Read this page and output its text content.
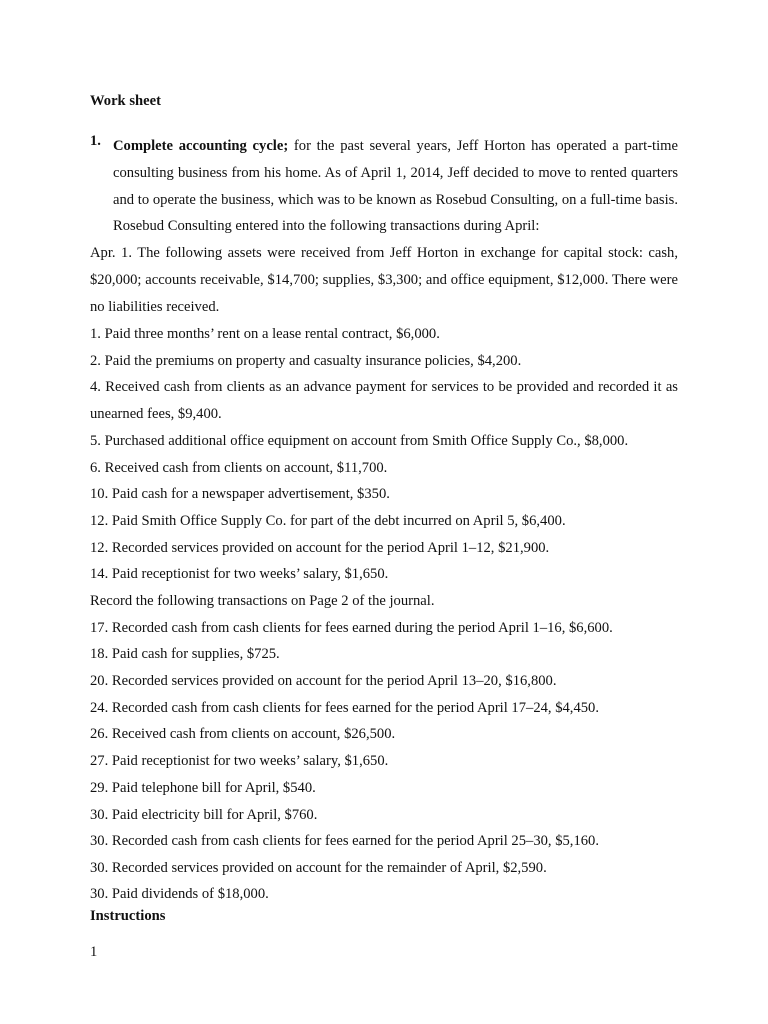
Work sheet
1. Complete accounting cycle; for the past several years, Jeff Horton has operated a part-time consulting business from his home. As of April 1, 2014, Jeff decided to move to rented quarters and to operate the business, which was to be known as Rosebud Consulting, on a full-time basis. Rosebud Consulting entered into the following transactions during April:
Apr. 1. The following assets were received from Jeff Horton in exchange for capital stock: cash, $20,000; accounts receivable, $14,700; supplies, $3,300; and office equipment, $12,000. There were no liabilities received.
1. Paid three months’ rent on a lease rental contract, $6,000.
2. Paid the premiums on property and casualty insurance policies, $4,200.
4. Received cash from clients as an advance payment for services to be provided and recorded it as unearned fees, $9,400.
5. Purchased additional office equipment on account from Smith Office Supply Co., $8,000.
6. Received cash from clients on account, $11,700.
10. Paid cash for a newspaper advertisement, $350.
12. Paid Smith Office Supply Co. for part of the debt incurred on April 5, $6,400.
12. Recorded services provided on account for the period April 1–12, $21,900.
14. Paid receptionist for two weeks’ salary, $1,650.
Record the following transactions on Page 2 of the journal.
17. Recorded cash from cash clients for fees earned during the period April 1–16, $6,600.
18. Paid cash for supplies, $725.
20. Recorded services provided on account for the period April 13–20, $16,800.
24. Recorded cash from cash clients for fees earned for the period April 17–24, $4,450.
26. Received cash from clients on account, $26,500.
27. Paid receptionist for two weeks’ salary, $1,650.
29. Paid telephone bill for April, $540.
30. Paid electricity bill for April, $760.
30. Recorded cash from cash clients for fees earned for the period April 25–30, $5,160.
30. Recorded services provided on account for the remainder of April, $2,590.
30. Paid dividends of $18,000.
Instructions
1
